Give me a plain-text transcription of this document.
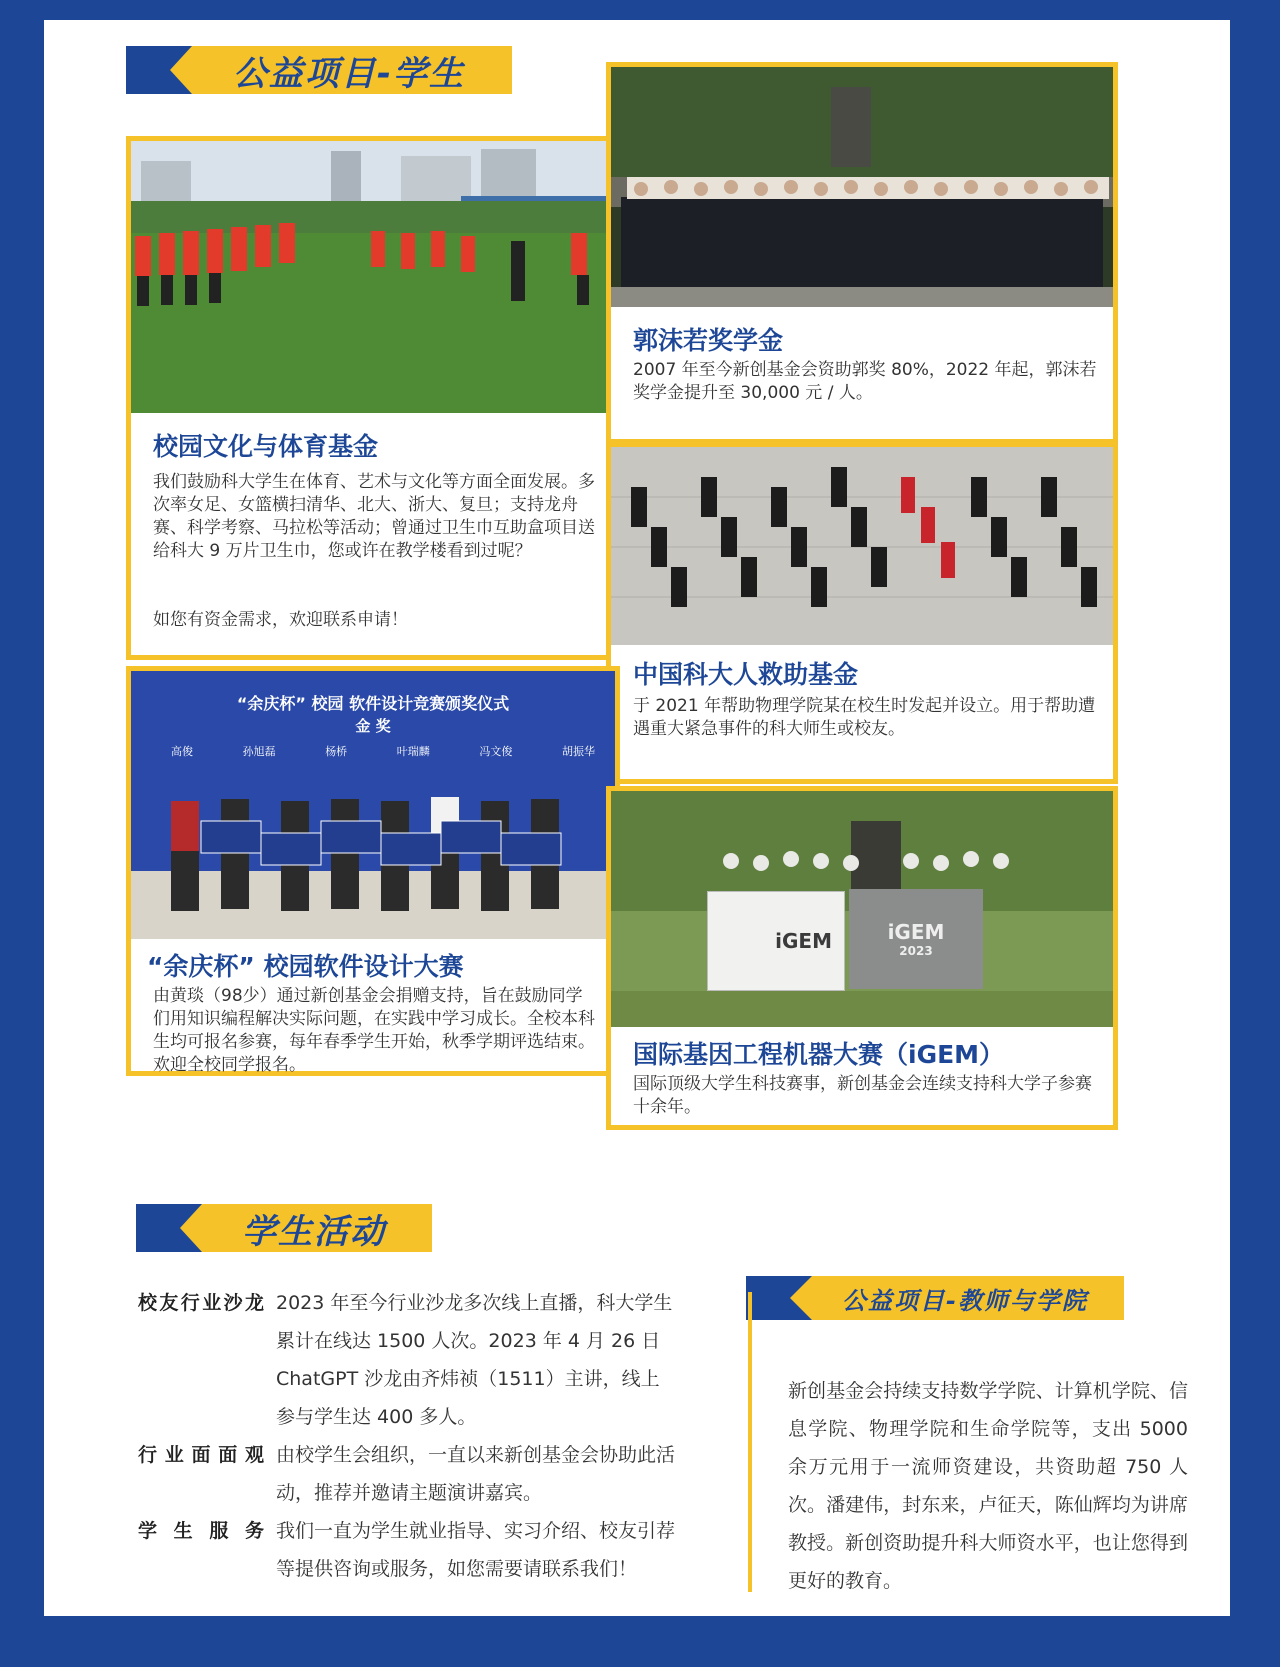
公益项目-学生
校园文化与体育基金
我们鼓励科大学生在体育、艺术与文化等方面全面发展。多次率女足、女篮横扫清华、北大、浙大、复旦；支持龙舟赛、科学考察、马拉松等活动；曾通过卫生巾互助盒项目送给科大 9 万片卫生巾，您或许在教学楼看到过呢？
如您有资金需求，欢迎联系申请！
郭沫若奖学金
2007 年至今新创基金会资助郭奖 80%，2022 年起，郭沫若奖学金提升至 30,000 元 / 人。
中国科大人救助基金
于 2021 年帮助物理学院某在校生时发起并设立。用于帮助遭遇重大紧急事件的科大师生或校友。
“余庆杯” 校园 软件设计竞赛颁奖仪式
金 奖
高俊	孙旭磊	杨桥	叶瑞麟	冯文俊	胡振华
“余庆杯” 校园软件设计大赛
由黄琰（98少）通过新创基金会捐赠支持，旨在鼓励同学们用知识编程解决实际问题，在实践中学习成长。全校本科生均可报名参赛，每年春季学生开始，秋季学期评选结束。欢迎全校同学报名。
iGEM	iGEM
2023
国际基因工程机器大赛（iGEM）
国际顶级大学生科技赛事，新创基金会连续支持科大学子参赛十余年。
学生活动
公益项目-教师与学院
新创基金会持续支持数学学院、计算机学院、信息学院、物理学院和生命学院等，支出 5000 余万元用于一流师资建设，共资助超 750 人次。潘建伟，封东来，卢征天，陈仙辉均为讲席教授。新创资助提升科大师资水平，也让您得到更好的教育。
校友行业沙龙 2023 年至今行业沙龙多次线上直播，科大学生累计在线达 1500 人次。2023 年 4 月 26 日 ChatGPT 沙龙由齐炜祯（1511）主讲，线上参与学生达 400 多人。
行业面面观 由校学生会组织，一直以来新创基金会协助此活动，推荐并邀请主题演讲嘉宾。
学生服务 我们一直为学生就业指导、实习介绍、校友引荐等提供咨询或服务，如您需要请联系我们！
